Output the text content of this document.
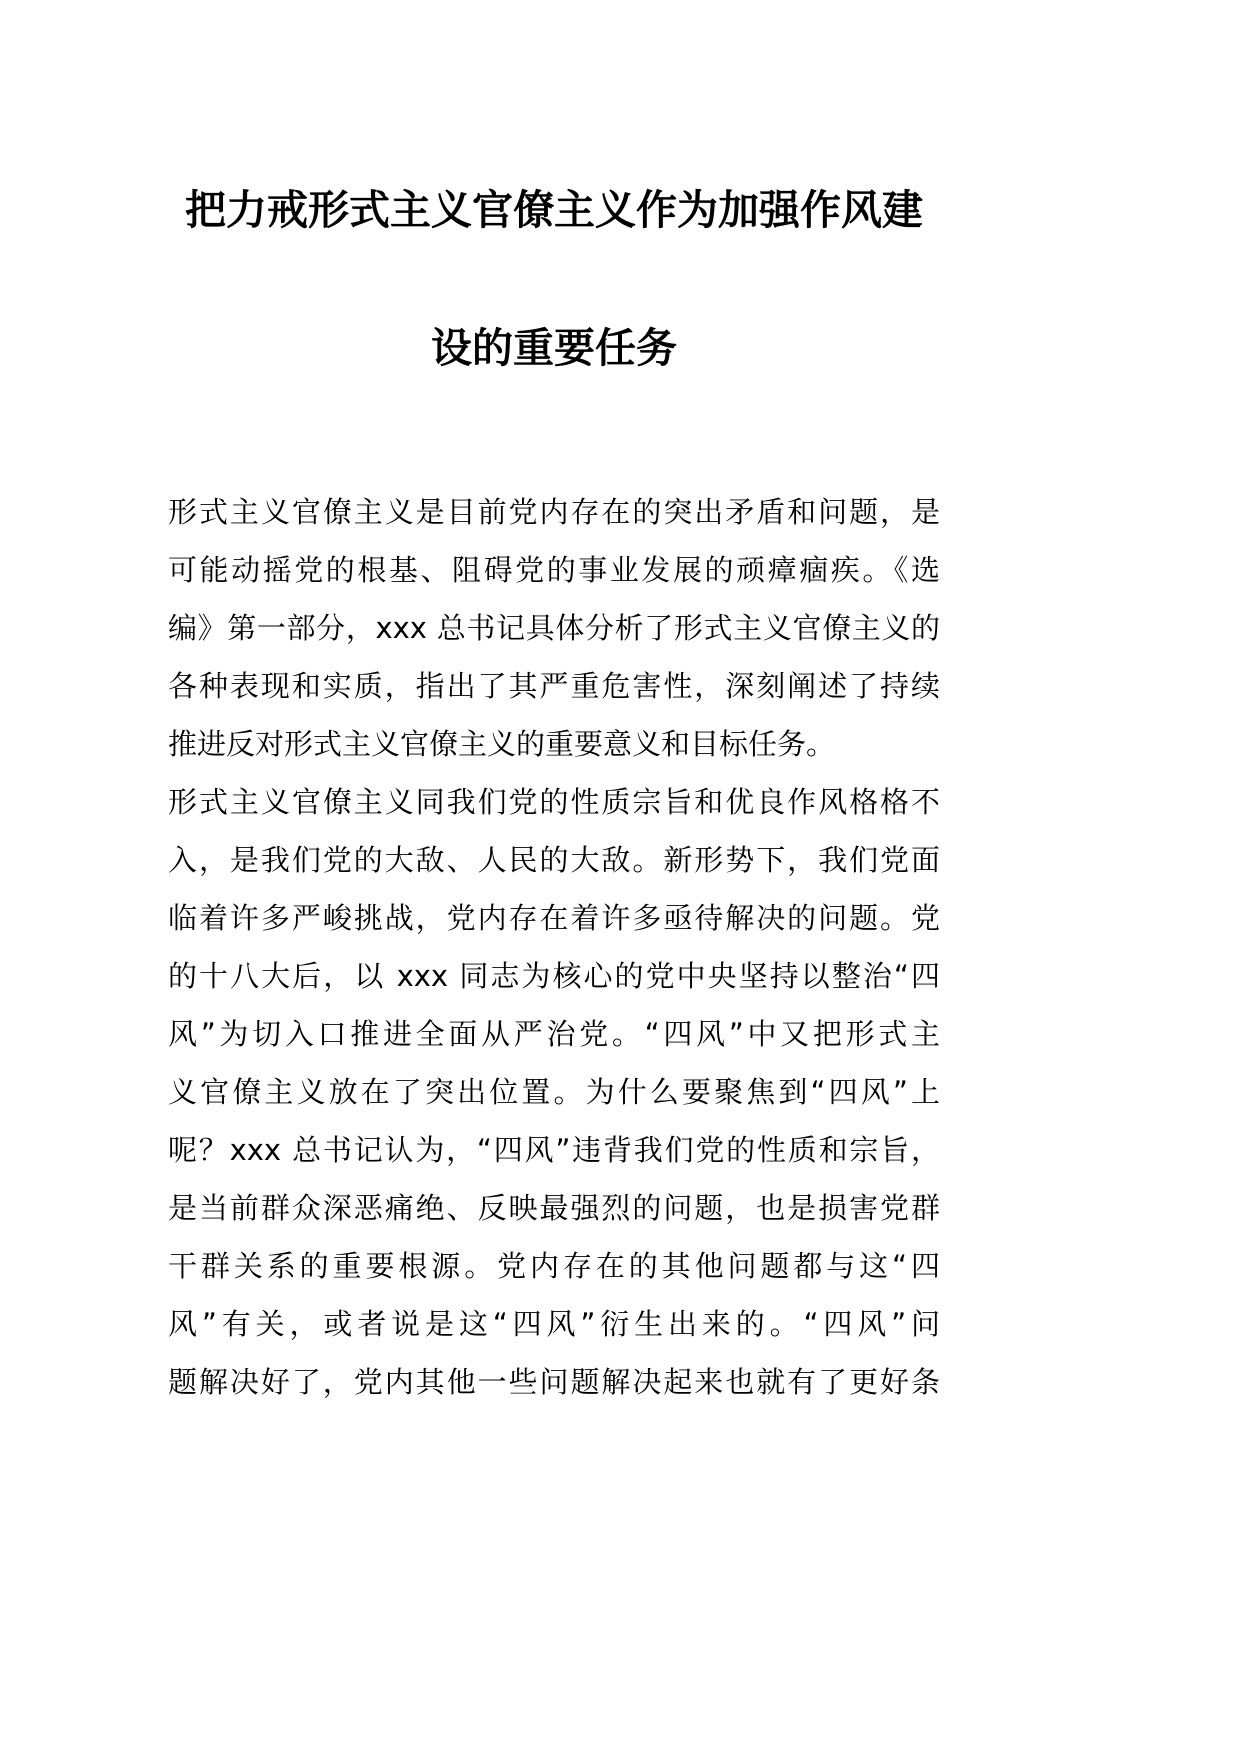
把力戒形式主义官僚主义作为加强作风建
设的重要任务
形式主义官僚主义是目前党内存在的突出矛盾和问题，是
可能动摇党的根基、阻碍党的事业发展的顽瘴痼疾。《选
编》第一部分，xxx 总书记具体分析了形式主义官僚主义的
各种表现和实质，指出了其严重危害性，深刻阐述了持续
推进反对形式主义官僚主义的重要意义和目标任务。
形式主义官僚主义同我们党的性质宗旨和优良作风格格不
入，是我们党的大敌、人民的大敌。新形势下，我们党面
临着许多严峻挑战，党内存在着许多亟待解决的问题。党
的十八大后，以 xxx 同志为核心的党中央坚持以整治“四
风”为切入口推进全面从严治党。“四风”中又把形式主
义官僚主义放在了突出位置。为什么要聚焦到“四风”上
呢？xxx 总书记认为，“四风”违背我们党的性质和宗旨，
是当前群众深恶痛绝、反映最强烈的问题，也是损害党群
干群关系的重要根源。党内存在的其他问题都与这“四
风”有关，或者说是这“四风”衍生出来的。“四风”问
题解决好了，党内其他一些问题解决起来也就有了更好条
